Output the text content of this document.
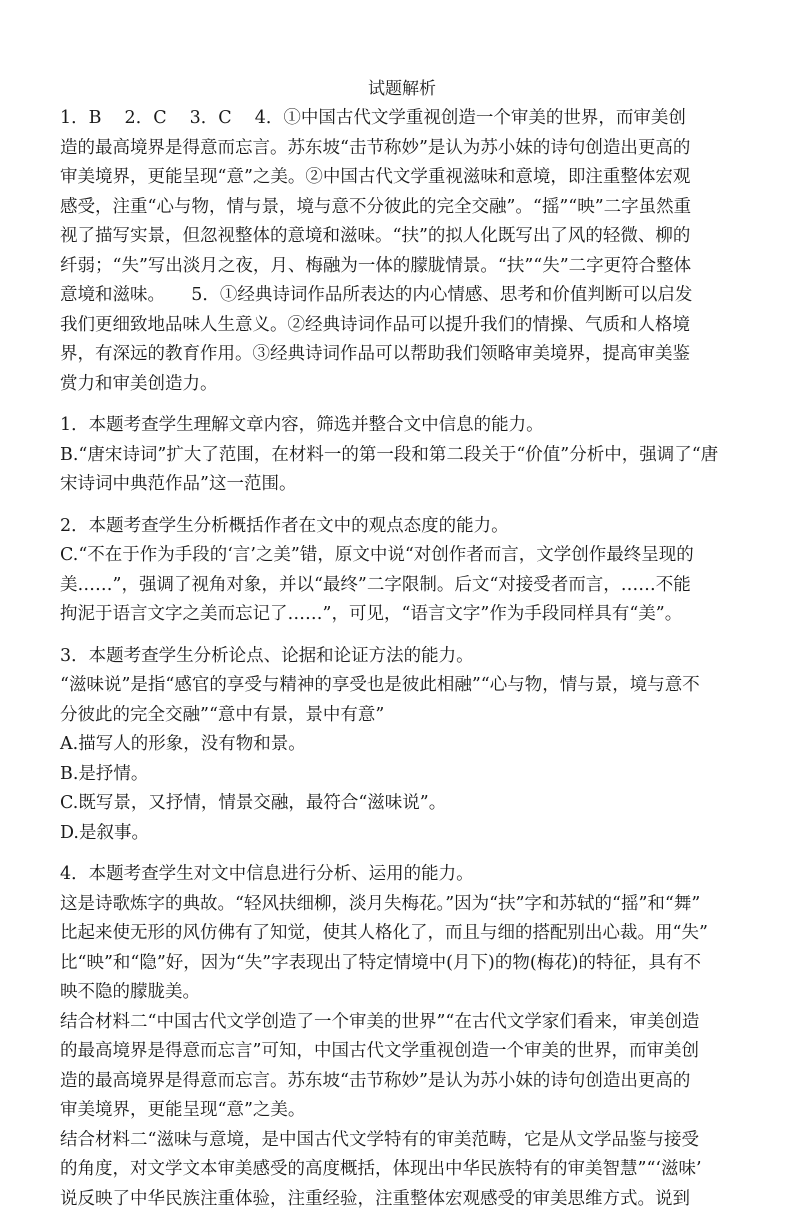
试题解析
1．B　 2．C　 3．C　 4．①中国古代文学重视创造一个审美的世界，而审美创
造的最高境界是得意而忘言。苏东坡“击节称妙”是认为苏小妹的诗句创造出更高的
审美境界，更能呈现“意”之美。②中国古代文学重视滋味和意境，即注重整体宏观
感受，注重“心与物，情与景，境与意不分彼此的完全交融”。“摇”“映”二字虽然重
视了描写实景，但忽视整体的意境和滋味。“扶”的拟人化既写出了风的轻微、柳的
纤弱；“失”写出淡月之夜，月、梅融为一体的朦胧情景。“扶”“失”二字更符合整体
意境和滋味。　　5．①经典诗词作品所表达的内心情感、思考和价值判断可以启发
我们更细致地品味人生意义。②经典诗词作品可以提升我们的情操、气质和人格境
界，有深远的教育作用。③经典诗词作品可以帮助我们领略审美境界，提高审美鉴
赏力和审美创造力。
1．本题考查学生理解文章内容，筛选并整合文中信息的能力。
B.“唐宋诗词”扩大了范围，在材料一的第一段和第二段关于“价值”分析中，强调了“唐
宋诗词中典范作品”这一范围。
2．本题考查学生分析概括作者在文中的观点态度的能力。
C.“不在于作为手段的‘言’之美”错，原文中说“对创作者而言，文学创作最终呈现的
美……”，强调了视角对象，并以“最终”二字限制。后文“对接受者而言，……不能
拘泥于语言文字之美而忘记了……”，可见，“语言文字”作为手段同样具有“美”。
3．本题考查学生分析论点、论据和论证方法的能力。
“滋味说”是指“感官的享受与精神的享受也是彼此相融”“心与物，情与景，境与意不
分彼此的完全交融”“意中有景，景中有意”
A.描写人的形象，没有物和景。
B.是抒情。
C.既写景，又抒情，情景交融，最符合“滋味说”。
D.是叙事。
4．本题考查学生对文中信息进行分析、运用的能力。
这是诗歌炼字的典故。“轻风扶细柳，淡月失梅花。”因为“扶”字和苏轼的“摇”和“舞”
比起来使无形的风仿佛有了知觉，使其人格化了，而且与细的搭配别出心裁。用“失”
比“映”和“隐”好，因为“失”字表现出了特定情境中(月下)的物(梅花)的特征，具有不
映不隐的朦胧美。
结合材料二“中国古代文学创造了一个审美的世界”“在古代文学家们看来，审美创造
的最高境界是得意而忘言”可知，中国古代文学重视创造一个审美的世界，而审美创
造的最高境界是得意而忘言。苏东坡“击节称妙”是认为苏小妹的诗句创造出更高的
审美境界，更能呈现“意”之美。
结合材料二“滋味与意境，是中国古代文学特有的审美范畴，它是从文学品鉴与接受
的角度，对文学文本审美感受的高度概括，体现出中华民族特有的审美智慧”“‘滋味’
说反映了中华民族注重体验，注重经验，注重整体宏观感受的审美思维方式。说到
